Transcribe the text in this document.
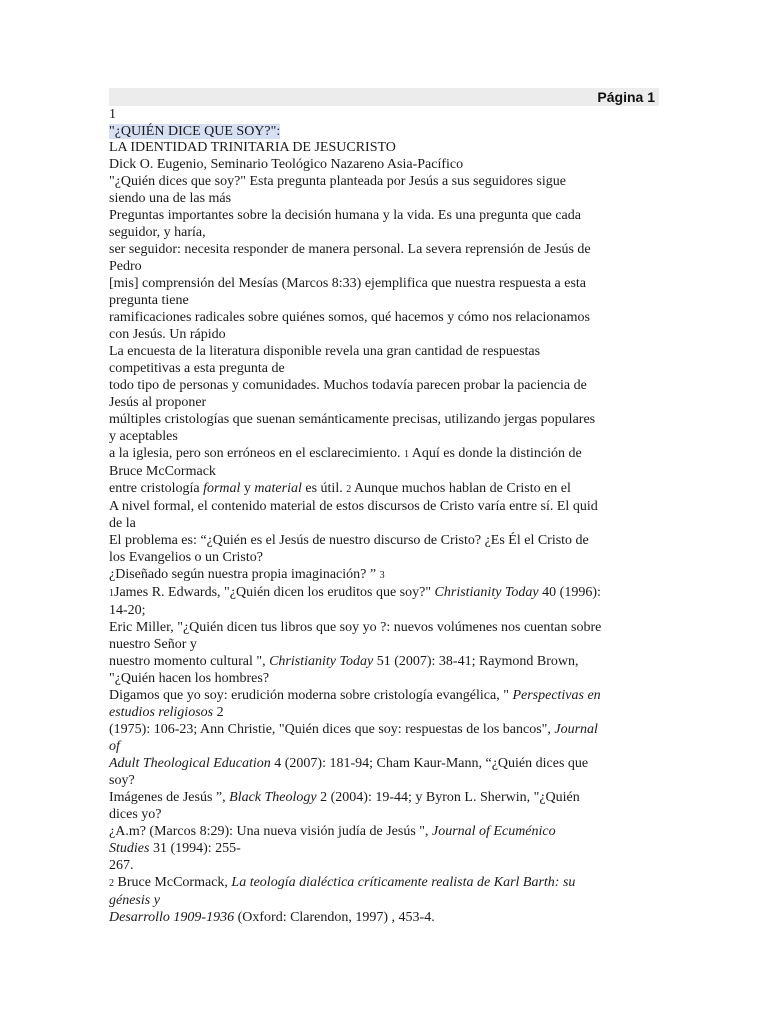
Página 1
1
"¿QUIÉN DICE QUE SOY?":
LA IDENTIDAD TRINITARIA DE JESUCRISTO
Dick O. Eugenio, Seminario Teológico Nazareno Asia-Pacífico
"¿Quién dices que soy?" Esta pregunta planteada por Jesús a sus seguidores sigue
siendo una de las más
Preguntas importantes sobre la decisión humana y la vida. Es una pregunta que cada
seguidor, y haría,
ser seguidor: necesita responder de manera personal. La severa reprensión de Jesús de
Pedro
[mis] comprensión del Mesías (Marcos 8:33) ejemplifica que nuestra respuesta a esta
pregunta tiene
ramificaciones radicales sobre quiénes somos, qué hacemos y cómo nos relacionamos
con Jesús. Un rápido
La encuesta de la literatura disponible revela una gran cantidad de respuestas
competitivas a esta pregunta de
todo tipo de personas y comunidades. Muchos todavía parecen probar la paciencia de
Jesús al proponer
múltiples cristologías que suenan semánticamente precisas, utilizando jergas populares
y aceptables
a la iglesia, pero son erróneos en el esclarecimiento. 1 Aquí es donde la distinción de
Bruce McCormack
entre cristología formal y material es útil. 2 Aunque muchos hablan de Cristo en el
A nivel formal, el contenido material de estos discursos de Cristo varía entre sí. El quid
de la
El problema es: “¿Quién es el Jesús de nuestro discurso de Cristo? ¿Es Él el Cristo de
los Evangelios o un Cristo?
¿Diseñado según nuestra propia imaginación? ” 3
1James R. Edwards, "¿Quién dicen los eruditos que soy?" Christianity Today 40 (1996):
14-20;
Eric Miller, "¿Quién dicen tus libros que soy yo ?: nuevos volúmenes nos cuentan sobre
nuestro Señor y
nuestro momento cultural ", Christianity Today 51 (2007): 38-41; Raymond Brown,
"¿Quién hacen los hombres?
Digamos que yo soy: erudición moderna sobre cristología evangélica, " Perspectivas en
estudios religiosos 2
(1975): 106-23; Ann Christie, "Quién dices que soy: respuestas de los bancos", Journal
of
Adult Theological Education 4 (2007): 181-94; Cham Kaur-Mann, “¿Quién dices que
soy?
Imágenes de Jesús ”, Black Theology 2 (2004): 19-44; y Byron L. Sherwin, "¿Quién
dices yo?
¿A.m? (Marcos 8:29): Una nueva visión judía de Jesús ", Journal of Ecuménico
Studies 31 (1994): 255-
267.
2 Bruce McCormack, La teología dialéctica críticamente realista de Karl Barth: su
génesis y
Desarrollo 1909-1936 (Oxford: Clarendon, 1997) , 453-4.
